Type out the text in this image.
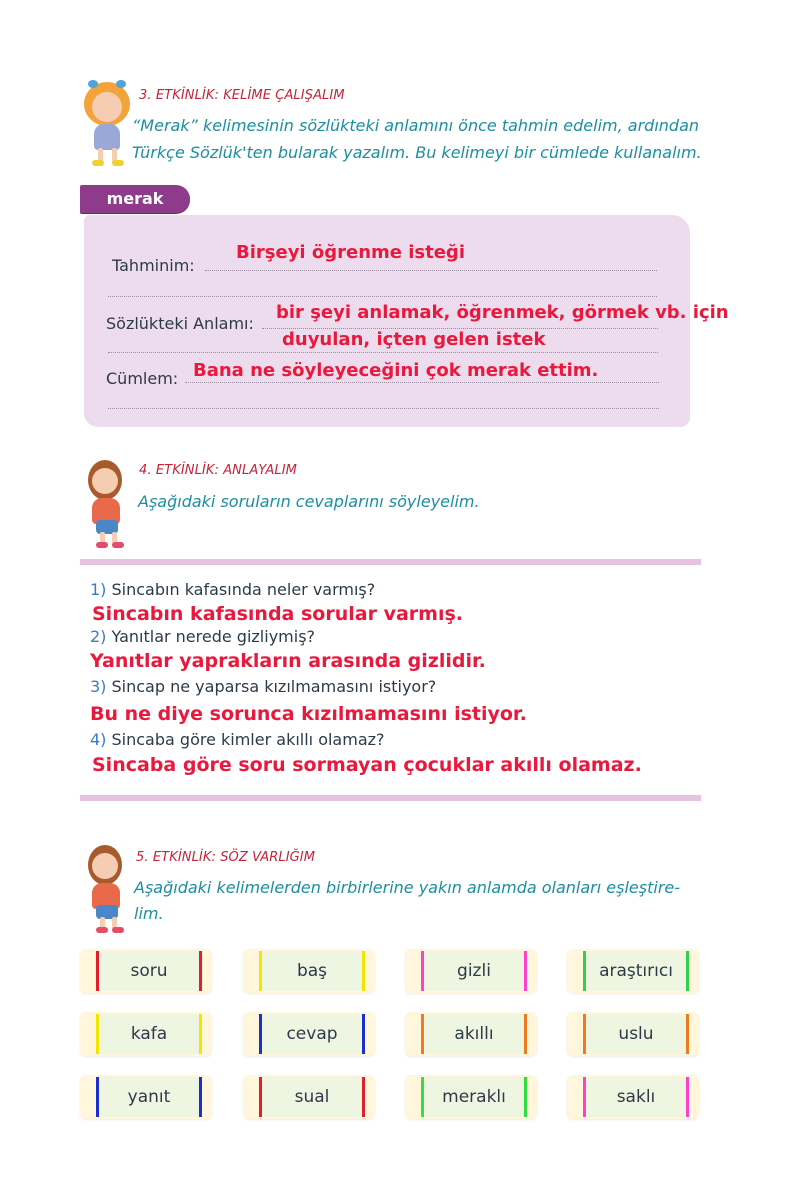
3. ETKİNLİK: KELİME ÇALIŞALIM
“Merak” kelimesinin sözlükteki anlamını önce tahmin edelim, ardından
Türkçe Sözlük'ten bularak yazalım. Bu kelimeyi bir cümlede kullanalım.
merak
Tahminim:
Birşeyi öğrenme isteği
Sözlükteki Anlamı:
bir şeyi anlamak, öğrenmek, görmek vb. için
duyulan, içten gelen istek
Cümlem: Bana ne söyleyeceğini çok merak ettim.
4. ETKİNLİK: ANLAYALIM
Aşağıdaki soruların cevaplarını söyleyelim.
1) Sincabın kafasında neler varmış?
Sincabın kafasında sorular varmış.
2) Yanıtlar nerede gizliymiş?
Yanıtlar yaprakların arasında gizlidir.
3) Sincap ne yaparsa kızılmamasını istiyor?
Bu ne diye sorunca kızılmamasını istiyor.
4) Sincaba göre kimler akıllı olamaz?
Sincaba göre soru sormayan çocuklar akıllı olamaz.
5. ETKİNLİK: SÖZ VARLIĞIM
Aşağıdaki kelimelerden birbirlerine yakın anlamda olanları eşleştire-
lim.
soru	baş	gizli	araştırıcı
kafa	cevap	akıllı	uslu
yanıt	sual	meraklı	saklı
